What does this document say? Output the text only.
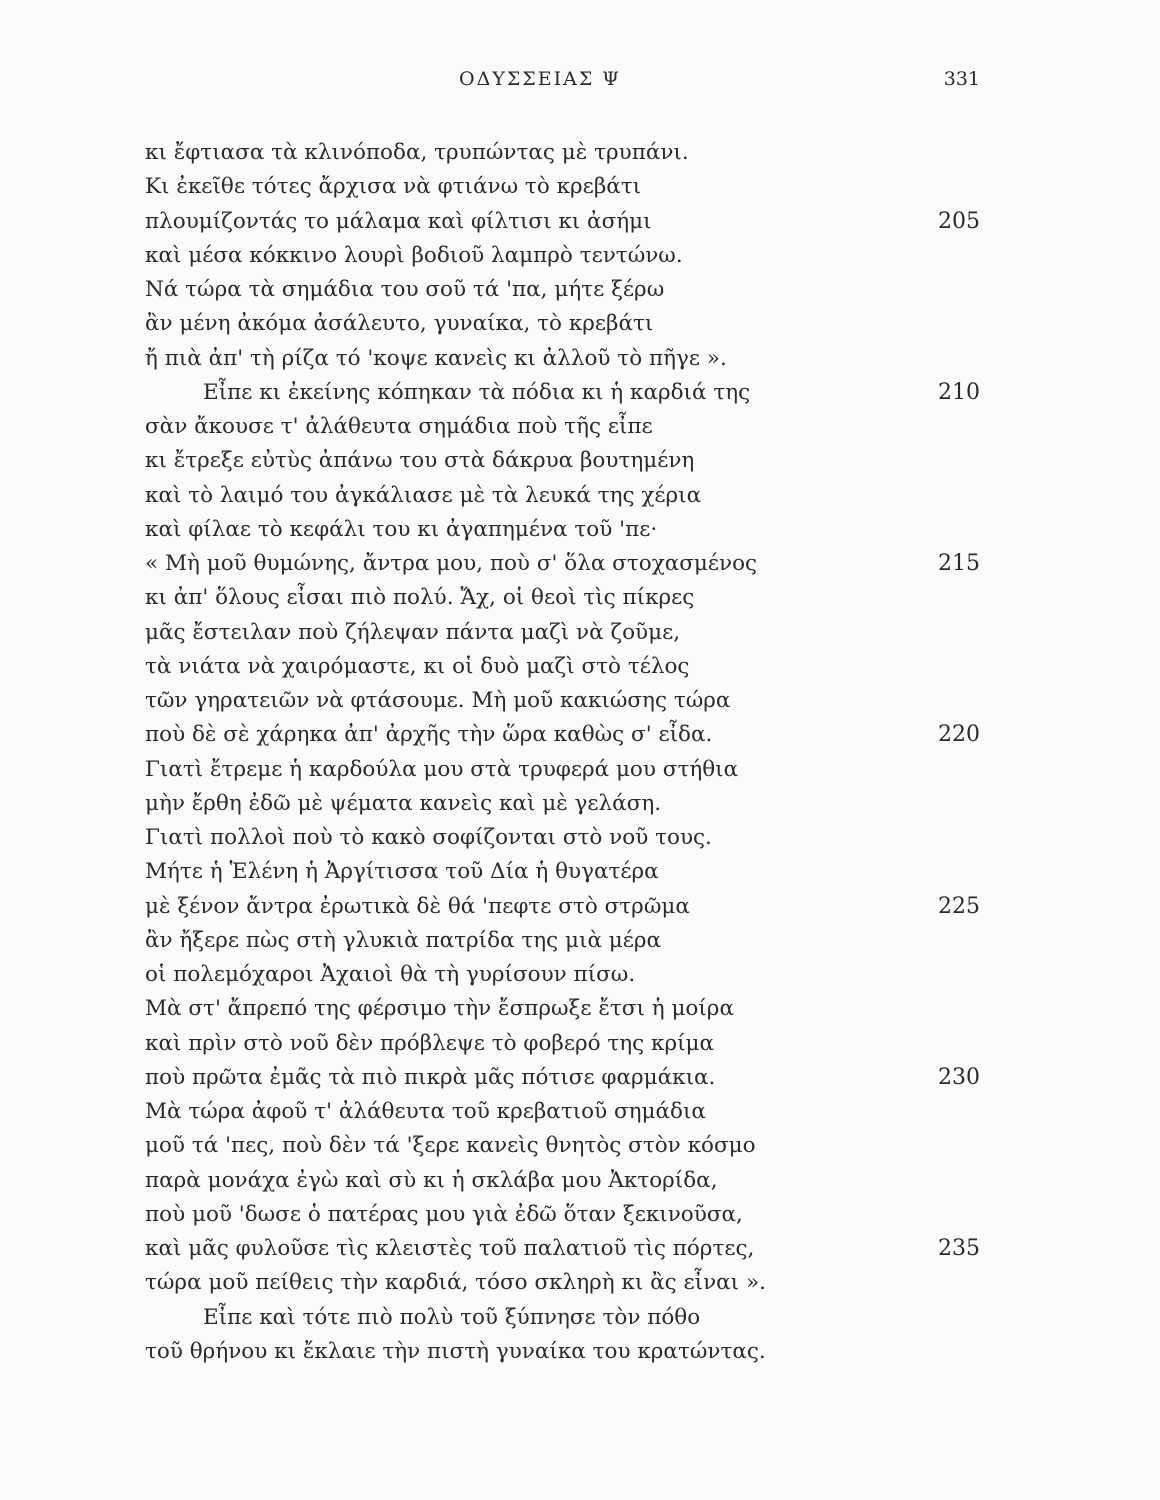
ΟΔΥΣΣΕΙΑΣ Ψ	331
κι ἔφτιασα τὰ κλινόποδα, τρυπώντας μὲ τρυπάνι.
Κι ἐκεῖθε τότες ἄρχισα νὰ φτιάνω τὸ κρεβάτι
πλουμίζοντάς το μάλαμα καὶ φίλτισι κι ἀσήμι	205
καὶ μέσα κόκκινο λουρὶ βοδιοῦ λαμπρὸ τεντώνω.
Νά τώρα τὰ σημάδια του σοῦ τά 'πα, μήτε ξέρω
ἂν μένη ἀκόμα ἀσάλευτο, γυναίκα, τὸ κρεβάτι
ἤ πιὰ ἀπ' τὴ ρίζα τό 'κοψε κανεὶς κι ἀλλοῦ τὸ πῆγε ».
Εἶπε κι ἐκείνης κόπηκαν τὰ πόδια κι ἡ καρδιά της	210
σὰν ἄκουσε τ' ἀλάθευτα σημάδια ποὺ τῆς εἶπε
κι ἔτρεξε εὐτὺς ἀπάνω του στὰ δάκρυα βουτημένη
καὶ τὸ λαιμό του ἀγκάλιασε μὲ τὰ λευκά της χέρια
καὶ φίλαε τὸ κεφάλι του κι ἀγαπημένα τοῦ 'πε·
« Μὴ μοῦ θυμώνης, ἄντρα μου, ποὺ σ' ὅλα στοχασμένος	215
κι ἀπ' ὅλους εἶσαι πιὸ πολύ. Ἄχ, οἱ θεοὶ τὶς πίκρες
μᾶς ἔστειλαν ποὺ ζήλεψαν πάντα μαζὶ νὰ ζοῦμε,
τὰ νιάτα νὰ χαιρόμαστε, κι οἱ δυὸ μαζὶ στὸ τέλος
τῶν γηρατειῶν νὰ φτάσουμε. Μὴ μοῦ κακιώσης τώρα
ποὺ δὲ σὲ χάρηκα ἀπ' ἀρχῆς τὴν ὥρα καθὼς σ' εἶδα.	220
Γιατὶ ἔτρεμε ἡ καρδούλα μου στὰ τρυφερά μου στήθια
μὴν ἔρθη ἐδῶ μὲ ψέματα κανεὶς καὶ μὲ γελάση.
Γιατὶ πολλοὶ ποὺ τὸ κακὸ σοφίζονται στὸ νοῦ τους.
Μήτε ἡ Ἑλένη ἡ Ἀργίτισσα τοῦ Δία ἡ θυγατέρα
μὲ ξένον ἄντρα ἐρωτικὰ δὲ θά 'πεφτε στὸ στρῶμα	225
ἂν ἤξερε πὼς στὴ γλυκιὰ πατρίδα της μιὰ μέρα
οἱ πολεμόχαροι Ἀχαιοὶ θὰ τὴ γυρίσουν πίσω.
Μὰ στ' ἄπρεπό της φέρσιμο τὴν ἔσπρωξε ἔτσι ἡ μοίρα
καὶ πρὶν στὸ νοῦ δὲν πρόβλεψε τὸ φοβερό της κρίμα
ποὺ πρῶτα ἐμᾶς τὰ πιὸ πικρὰ μᾶς πότισε φαρμάκια.	230
Μὰ τώρα ἀφοῦ τ' ἀλάθευτα τοῦ κρεβατιοῦ σημάδια
μοῦ τά 'πες, ποὺ δὲν τά 'ξερε κανεὶς θνητὸς στὸν κόσμο
παρὰ μονάχα ἐγὼ καὶ σὺ κι ἡ σκλάβα μου Ἀκτορίδα,
ποὺ μοῦ 'δωσε ὁ πατέρας μου γιὰ ἐδῶ ὅταν ξεκινοῦσα,
καὶ μᾶς φυλοῦσε τὶς κλειστὲς τοῦ παλατιοῦ τὶς πόρτες,	235
τώρα μοῦ πείθεις τὴν καρδιά, τόσο σκληρὴ κι ἂς εἶναι ».
Εἶπε καὶ τότε πιὸ πολὺ τοῦ ξύπνησε τὸν πόθο
τοῦ θρήνου κι ἔκλαιε τὴν πιστὴ γυναίκα του κρατώντας.
